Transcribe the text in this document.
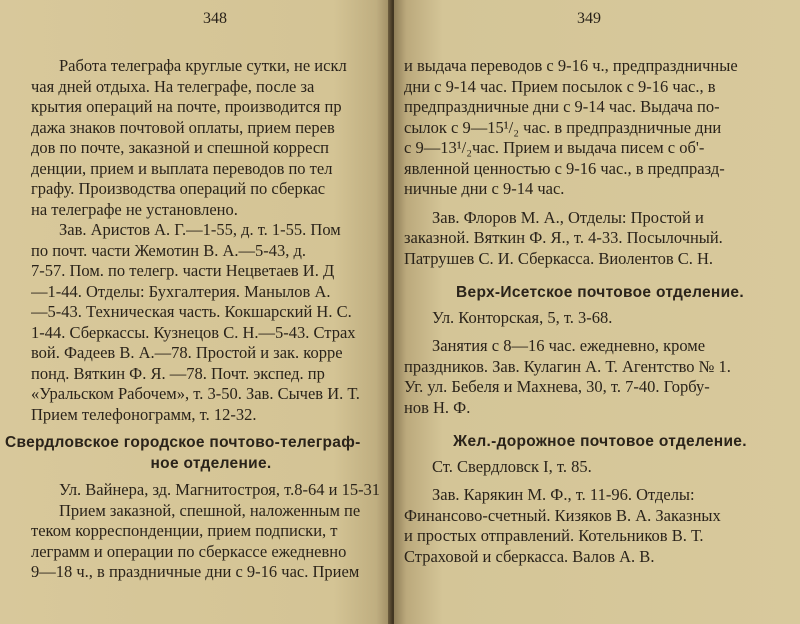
348
Работа телеграфа круглые сутки, не искл
чая дней отдыха. На телеграфе, после за
крытия операций на почте, производится пр
дажа знаков почтовой оплаты, прием перев
дов по почте, заказной и спешной корресп
денции, прием и выплата переводов по тел
графу. Производства операций по сберкас
на телеграфе не установлено.
Зав. Аристов А. Г.—1-55, д. т. 1-55. Пом
по почт. части Жемотин В. А.—5-43, д.
7-57. Пом. по телегр. части Нецветаев И. Д
—1-44. Отделы: Бухгалтерия. Манылов А.
—5-43. Техническая часть. Кокшарский Н. С.
1-44. Сберкассы. Кузнецов С. Н.—5-43. Страх
вой. Фадеев В. А.—78. Простой и зак. корре
понд. Вяткин Ф. Я. —78. Почт. экспед. пр
«Уральском Рабочем», т. 3-50. Зав. Сычев И. Т.
Прием телефонограмм, т. 12-32.
Свердловское городское почтово-телеграф-
ное отделение.
Ул. Вайнера, зд. Магнитостроя, т.8-64 и 15-31
Прием заказной, спешной, наложенным пе
теком корреспонденции, прием подписки, т
леграмм и операции по сберкассе ежедневно
9—18 ч., в праздничные дни с 9-16 час. Прием
349
и выдача переводов с 9-16 ч., предпраздничные
дни с 9-14 час. Прием посылок с 9-16 час., в
предпраздничные дни с 9-14 час. Выдача по-
сылок с 9—15¹/₂ час. в предпраздничные дни
с 9—13¹/₂час. Прием и выдача писем с об'-
явленной ценностью с 9-16 час., в предпразд-
ничные дни с 9-14 час.
Зав. Флоров М. А., Отделы: Простой и
заказной. Вяткин Ф. Я., т. 4-33. Посылочный.
Патрушев С. И. Сберкасса. Виолентов С. Н.
Верх-Исетское почтовое отделение.
Ул. Конторская, 5, т. 3-68.
Занятия с 8—16 час. ежедневно, кроме
праздников. Зав. Кулагин А. Т. Агентство № 1.
Уг. ул. Бебеля и Махнева, 30, т. 7-40. Горбу-
нов Н. Ф.
Жел.-дорожное почтовое отделение.
Ст. Свердловск I, т. 85.
Зав. Карякин М. Ф., т. 11-96. Отделы:
Финансово-счетный. Кизяков В. А. Заказных
и простых отправлений. Котельников В. Т.
Страховой и сберкасса. Валов А. В.
